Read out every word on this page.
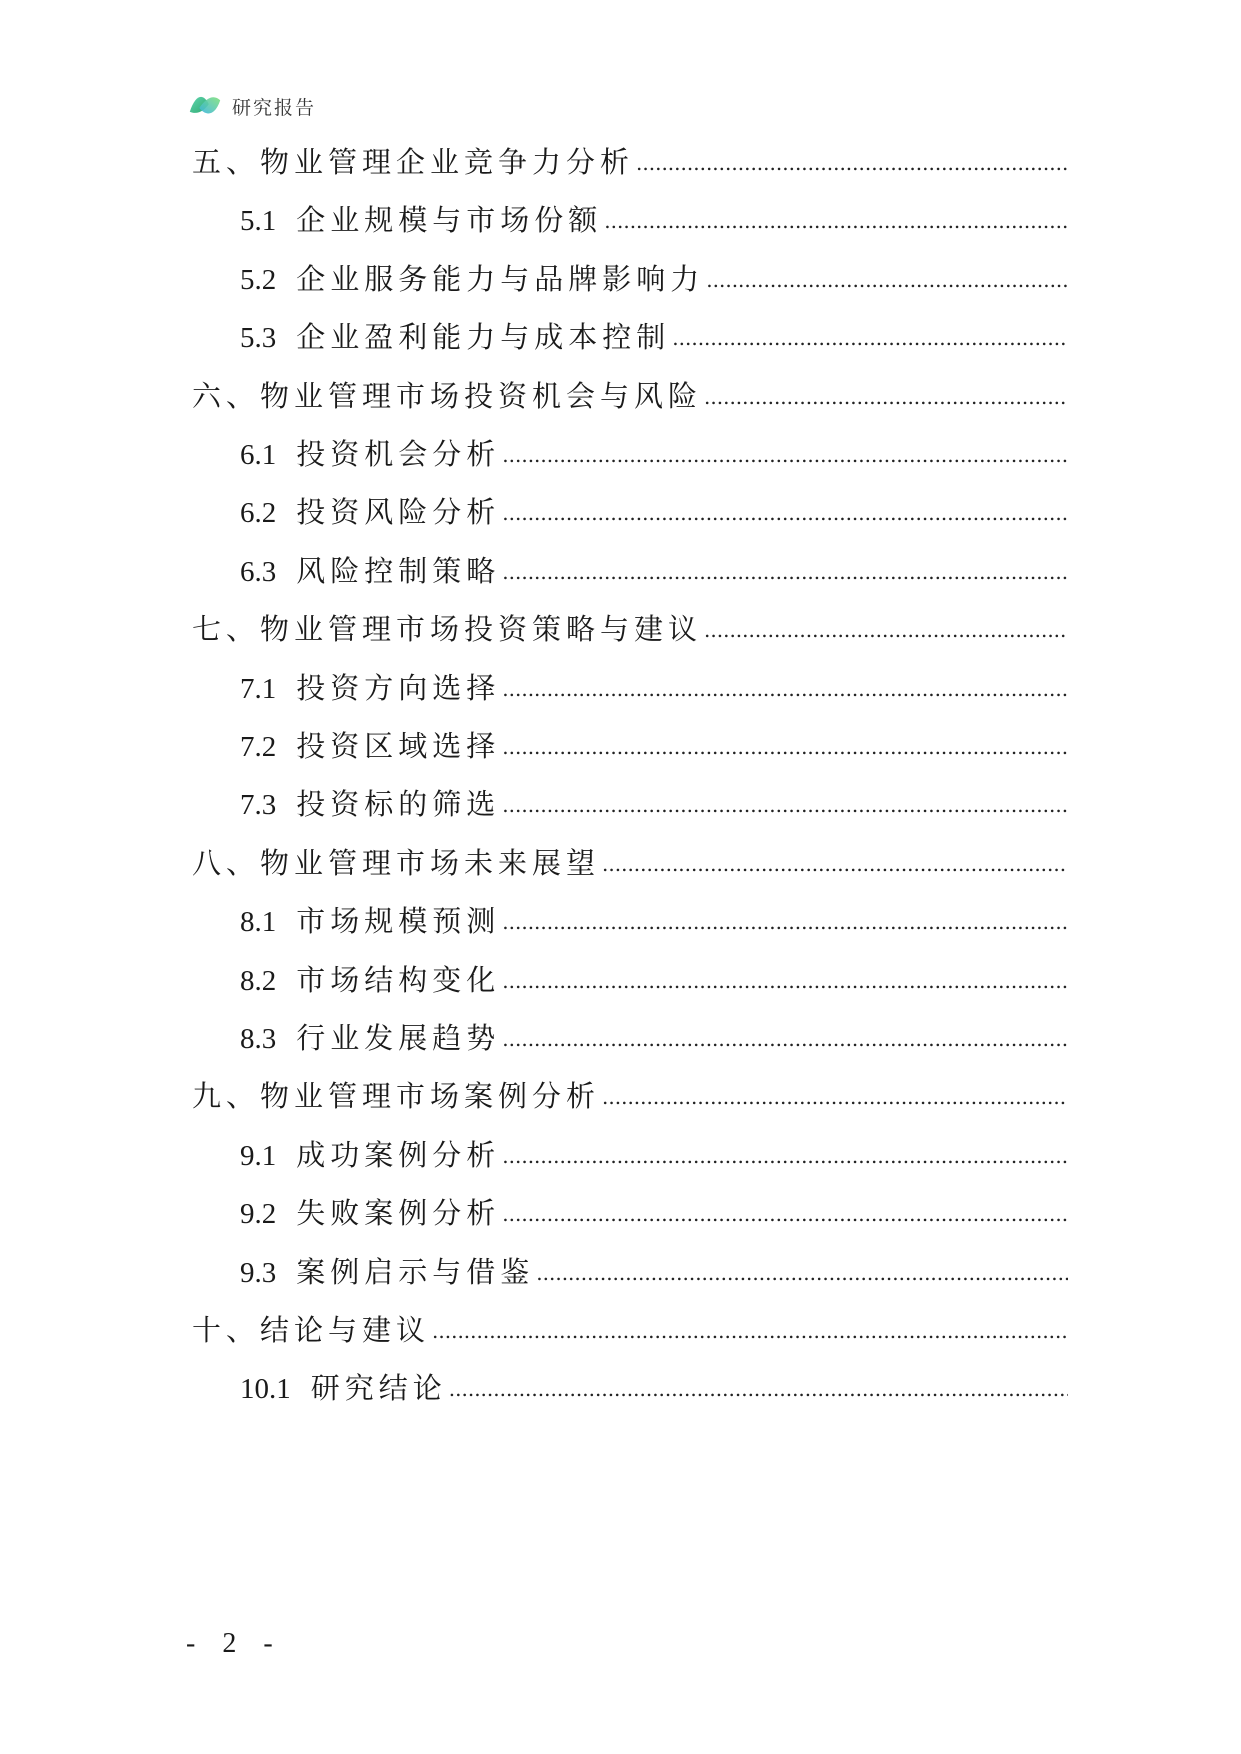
研究报告
五、物业管理企业竞争力分析
.....
5.1 企业规模与市场份额
.....
5.2 企业服务能力与品牌影响力
.....
5.3 企业盈利能力与成本控制
.....
六、物业管理市场投资机会与风险
.....
6.1 投资机会分析
.....
6.2 投资风险分析
.....
6.3 风险控制策略
.....
七、物业管理市场投资策略与建议
.....
7.1 投资方向选择
.....
7.2 投资区域选择
.....
7.3 投资标的筛选
.....
八、物业管理市场未来展望
.....
8.1 市场规模预测
.....
8.2 市场结构变化
.....
8.3 行业发展趋势
.....
九、物业管理市场案例分析
.....
9.1 成功案例分析
.....
9.2 失败案例分析
.....
9.3 案例启示与借鉴
.....
十、结论与建议
.....
10.1 研究结论
.....
- 2 -
